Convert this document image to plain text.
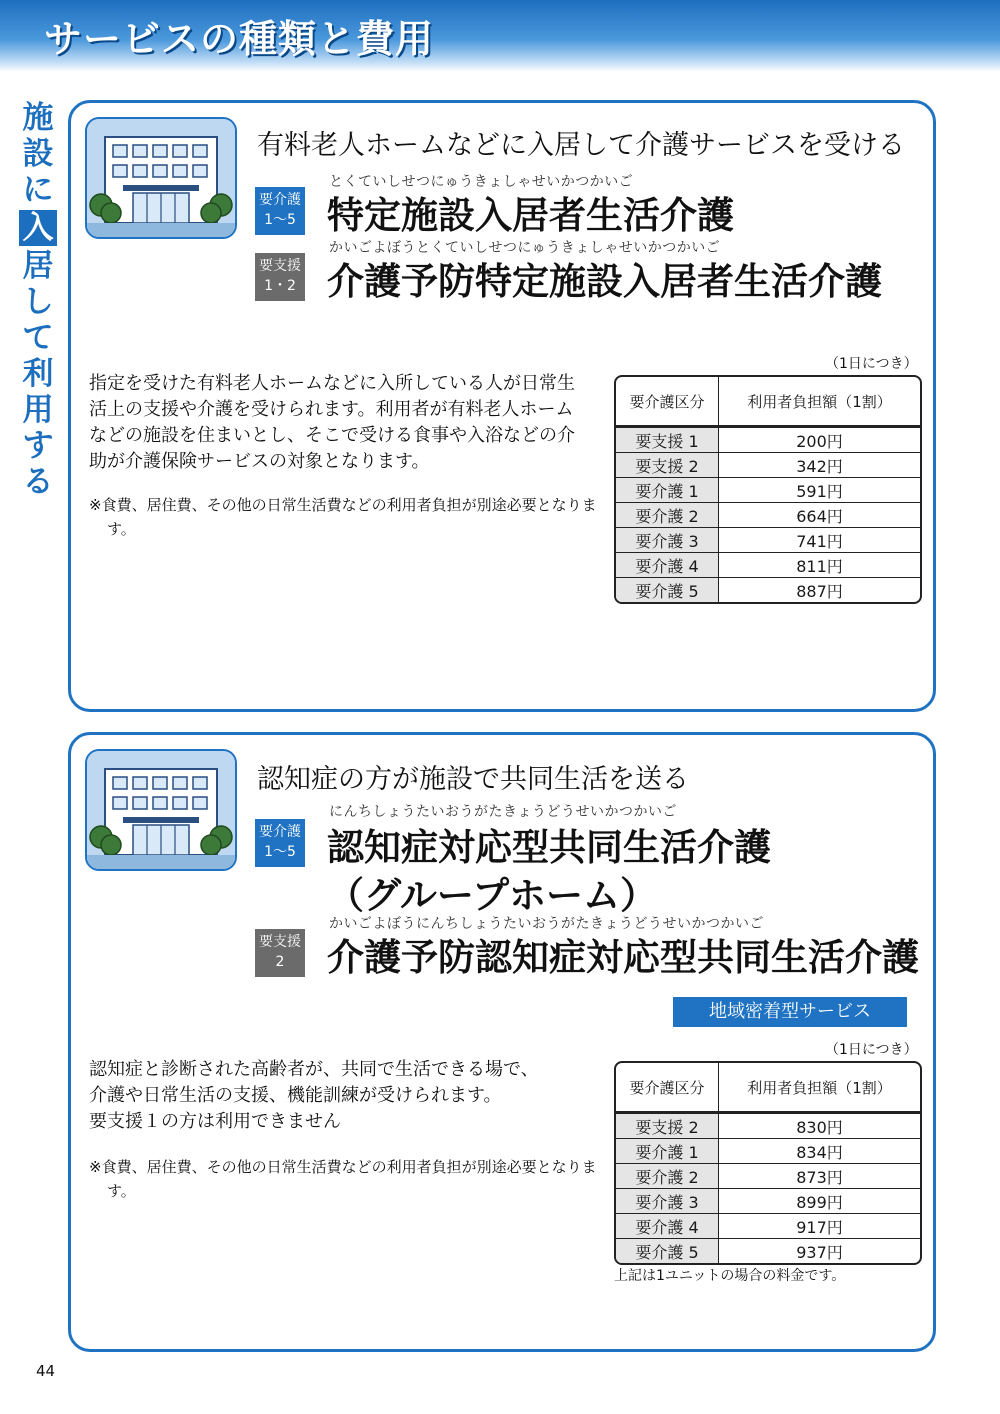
サービスの種類と費用
施
設
に
入
居
し
て
利
用
す
る
有料老人ホームなどに入居して介護サービスを受ける
とくていしせつにゅうきょしゃせいかつかいご
要介護
1〜5 特定施設入居者生活介護
かいごよぼうとくていしせつにゅうきょしゃせいかつかいご
要支援
1・2 介護予防特定施設入居者生活介護

指定を受けた有料老人ホームなどに入所している人が日常生活上の支援や介護を受けられます。利用者が有料老人ホームなどの施設を住まいとし、そこで受ける食事や入浴などの介助が介護保険サービスの対象となります。

※食費、居住費、その他の日常生活費などの利用者負担が別途必要となります。

（1日につき）
要介護区分	利用者負担額（1割）
要支援 1	200円
要支援 2	342円
要介護 1	591円
要介護 2	664円
要介護 3	741円
要介護 4	811円
要介護 5	887円
認知症の方が施設で共同生活を送る
にんちしょうたいおうがたきょうどうせいかつかいご
要介護
1〜5 認知症対応型共同生活介護
（グループホーム）
かいごよぼうにんちしょうたいおうがたきょうどうせいかつかいご
要支援
2	介護予防認知症対応型共同生活介護
地域密着型サービス

認知症と診断された高齢者が、共同で生活できる場で、
介護や日常生活の支援、機能訓練が受けられます。
要支援１の方は利用できません

※食費、居住費、その他の日常生活費などの利用者負担が別途必要となります。

（1日につき）
要介護区分	利用者負担額（1割）
要支援 2	830円
要介護 1	834円
要介護 2	873円
要介護 3	899円
要介護 4	917円
要介護 5	937円
上記は1ユニットの場合の料金です。
44
